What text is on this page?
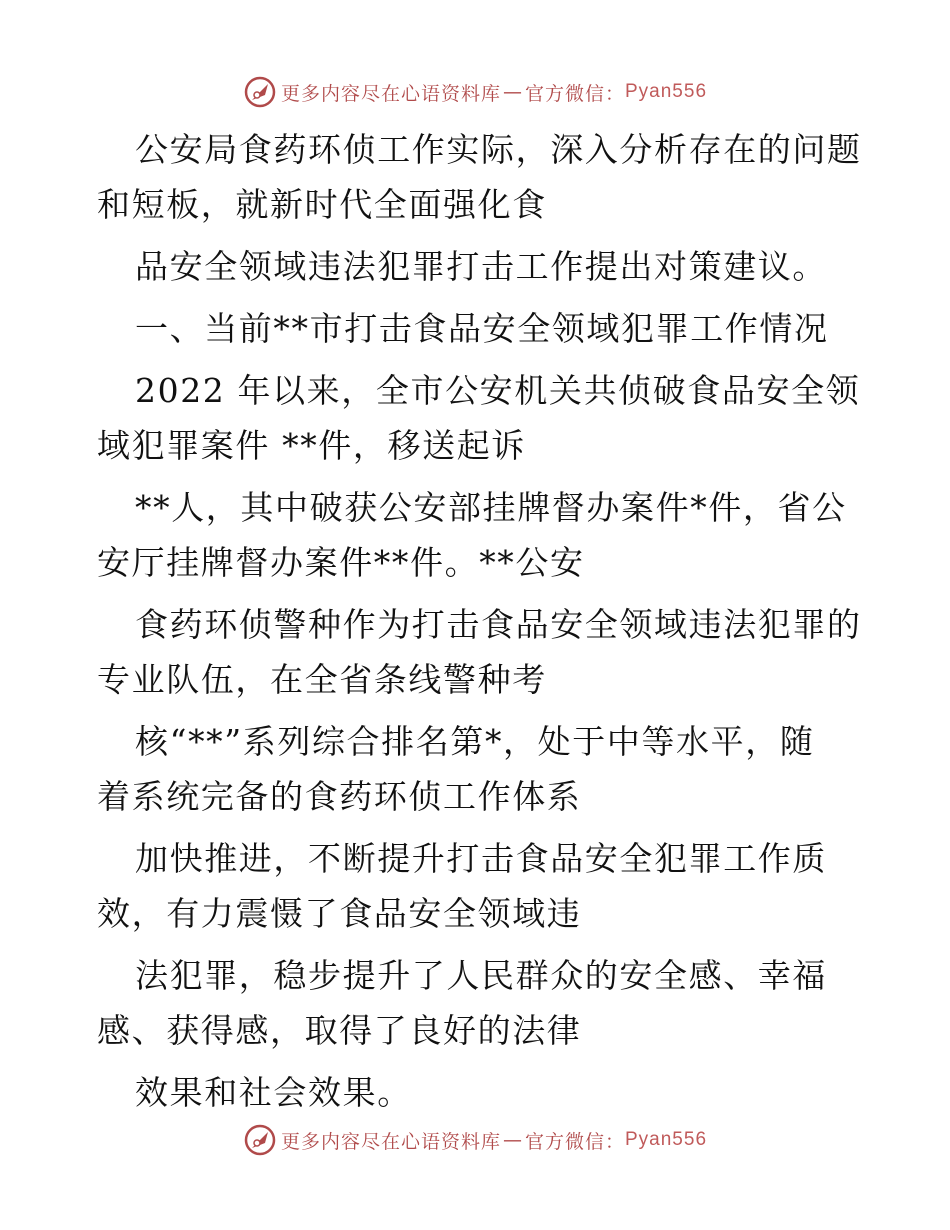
更多内容尽在心语资料库 — 官方微信： Pyan556

公安局食药环侦工作实际，深入分析存在的问题
和短板，就新时代全面强化食

品安全领域违法犯罪打击工作提出对策建议。

一、当前**市打击食品安全领域犯罪工作情况

2022 年以来，全市公安机关共侦破食品安全领
域犯罪案件 **件，移送起诉

**人，其中破获公安部挂牌督办案件*件，省公
安厅挂牌督办案件**件。**公安

食药环侦警种作为打击食品安全领域违法犯罪的
专业队伍，在全省条线警种考

核“**”系列综合排名第*，处于中等水平，随
着系统完备的食药环侦工作体系

加快推进，不断提升打击食品安全犯罪工作质
效，有力震慑了食品安全领域违

法犯罪，稳步提升了人民群众的安全感、幸福
感、获得感，取得了良好的法律

效果和社会效果。

更多内容尽在心语资料库 — 官方微信： Pyan556
